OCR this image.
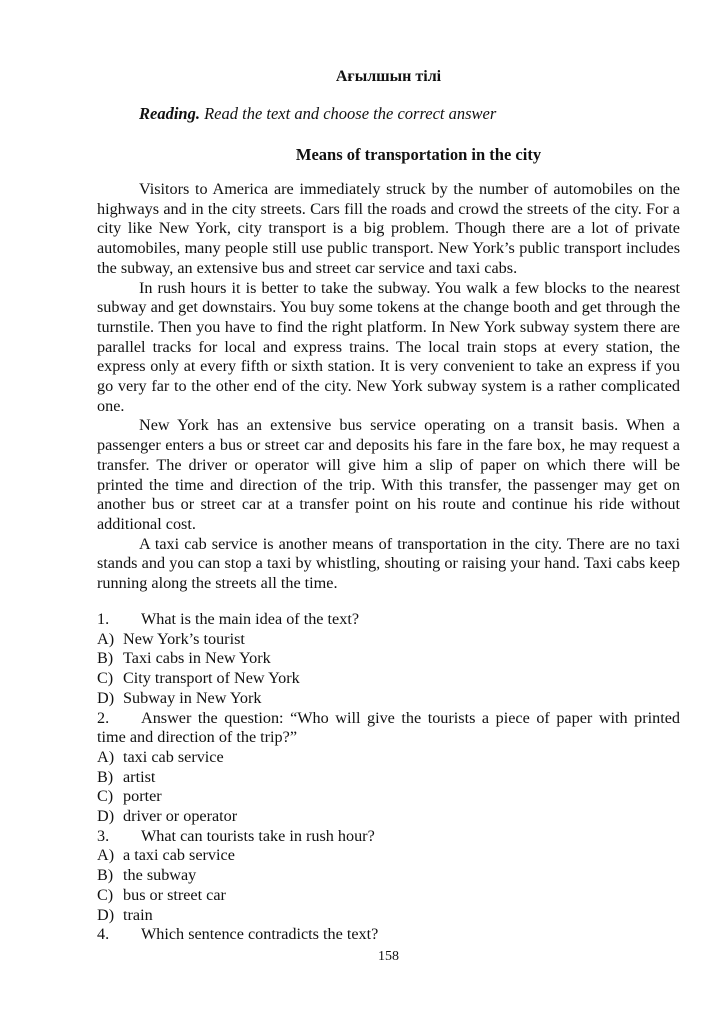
Ағылшын тілі
Reading. Read the text and choose the correct answer
Means of transportation in the city

Visitors to America are immediately struck by the number of automobiles on the highways and in the city streets. Cars fill the roads and crowd the streets of the city. For a city like New York, city transport is a big problem. Though there are a lot of private automobiles, many people still use public transport. New York’s public transport includes the subway, an extensive bus and street car service and taxi cabs.

In rush hours it is better to take the subway. You walk a few blocks to the nearest subway and get downstairs. You buy some tokens at the change booth and get through the turnstile. Then you have to find the right platform. In New York subway system there are parallel tracks for local and express trains. The local train stops at every station, the express only at every fifth or sixth station. It is very convenient to take an express if you go very far to the other end of the city. New York subway system is a rather complicated one.

New York has an extensive bus service operating on a transit basis. When a passenger enters a bus or street car and deposits his fare in the fare box, he may request a transfer. The driver or operator will give him a slip of paper on which there will be printed the time and direction of the trip. With this transfer, the passenger may get on another bus or street car at a transfer point on his route and continue his ride without additional cost.

A taxi cab service is another means of transportation in the city. There are no taxi stands and you can stop a taxi by whistling, shouting or raising your hand. Taxi cabs keep running along the streets all the time.

1. What is the main idea of the text?

A) New York’s tourist

B) Taxi cabs in New York

C) City transport of New York

D) Subway in New York

2. Answer the question: “Who will give the tourists a piece of paper with printed time and direction of the trip?”

A) taxi cab service

B) artist

C) porter

D) driver or operator

3. What can tourists take in rush hour?

A) a taxi cab service

B) the subway

C) bus or street car

D) train

4. Which sentence contradicts the text?

158
